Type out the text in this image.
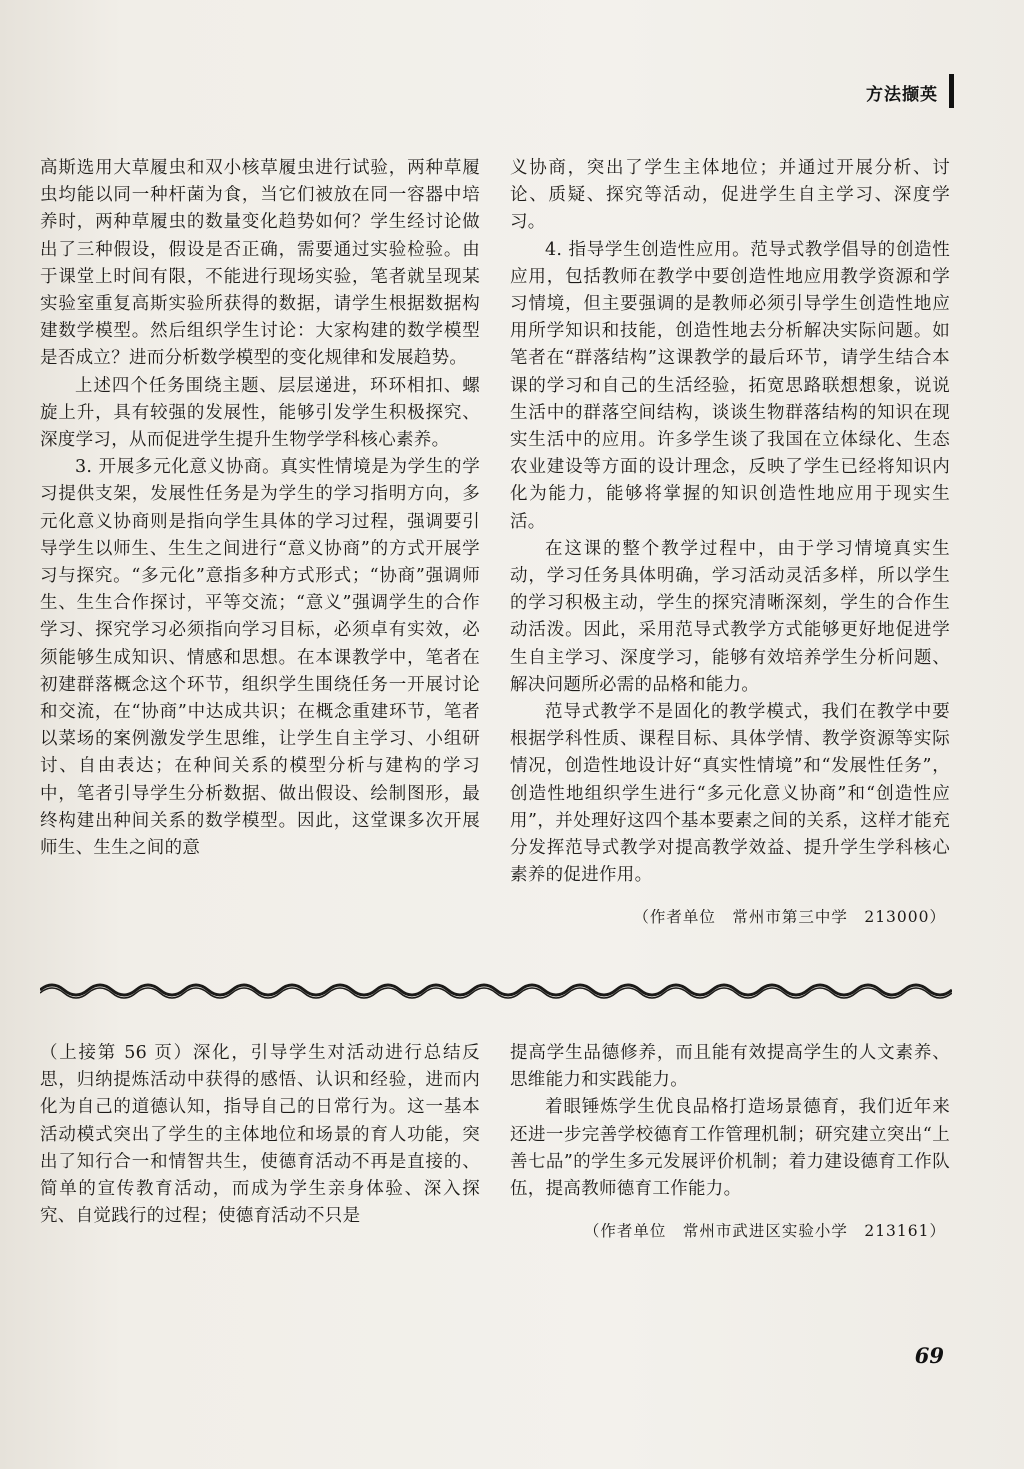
方法撷英

高斯选用大草履虫和双小核草履虫进行试验，两种草履虫均能以同一种杆菌为食，当它们被放在同一容器中培养时，两种草履虫的数量变化趋势如何？学生经讨论做出了三种假设，假设是否正确，需要通过实验检验。由于课堂上时间有限，不能进行现场实验，笔者就呈现某实验室重复高斯实验所获得的数据，请学生根据数据构建数学模型。然后组织学生讨论：大家构建的数学模型是否成立？进而分析数学模型的变化规律和发展趋势。

上述四个任务围绕主题、层层递进，环环相扣、螺旋上升，具有较强的发展性，能够引发学生积极探究、深度学习，从而促进学生提升生物学学科核心素养。

3. 开展多元化意义协商。真实性情境是为学生的学习提供支架，发展性任务是为学生的学习指明方向，多元化意义协商则是指向学生具体的学习过程，强调要引导学生以师生、生生之间进行“意义协商”的方式开展学习与探究。“多元化”意指多种方式形式；“协商”强调师生、生生合作探讨，平等交流；“意义”强调学生的合作学习、探究学习必须指向学习目标，必须卓有实效，必须能够生成知识、情感和思想。在本课教学中，笔者在初建群落概念这个环节，组织学生围绕任务一开展讨论和交流，在“协商”中达成共识；在概念重建环节，笔者以菜场的案例激发学生思维，让学生自主学习、小组研讨、自由表达；在种间关系的模型分析与建构的学习中，笔者引导学生分析数据、做出假设、绘制图形，最终构建出种间关系的数学模型。因此，这堂课多次开展师生、生生之间的意

义协商，突出了学生主体地位；并通过开展分析、讨论、质疑、探究等活动，促进学生自主学习、深度学习。

4. 指导学生创造性应用。范导式教学倡导的创造性应用，包括教师在教学中要创造性地应用教学资源和学习情境，但主要强调的是教师必须引导学生创造性地应用所学知识和技能，创造性地去分析解决实际问题。如笔者在“群落结构”这课教学的最后环节，请学生结合本课的学习和自己的生活经验，拓宽思路联想想象，说说生活中的群落空间结构，谈谈生物群落结构的知识在现实生活中的应用。许多学生谈了我国在立体绿化、生态农业建设等方面的设计理念，反映了学生已经将知识内化为能力，能够将掌握的知识创造性地应用于现实生活。

在这课的整个教学过程中，由于学习情境真实生动，学习任务具体明确，学习活动灵活多样，所以学生的学习积极主动，学生的探究清晰深刻，学生的合作生动活泼。因此，采用范导式教学方式能够更好地促进学生自主学习、深度学习，能够有效培养学生分析问题、解决问题所必需的品格和能力。

范导式教学不是固化的教学模式，我们在教学中要根据学科性质、课程目标、具体学情、教学资源等实际情况，创造性地设计好“真实性情境”和“发展性任务”，创造性地组织学生进行“多元化意义协商”和“创造性应用”，并处理好这四个基本要素之间的关系，这样才能充分发挥范导式教学对提高教学效益、提升学生学科核心素养的促进作用。

（作者单位　常州市第三中学　213000）

（上接第 56 页）深化，引导学生对活动进行总结反思，归纳提炼活动中获得的感悟、认识和经验，进而内化为自己的道德认知，指导自己的日常行为。这一基本活动模式突出了学生的主体地位和场景的育人功能，突出了知行合一和情智共生，使德育活动不再是直接的、简单的宣传教育活动，而成为学生亲身体验、深入探究、自觉践行的过程；使德育活动不只是

提高学生品德修养，而且能有效提高学生的人文素养、思维能力和实践能力。

着眼锤炼学生优良品格打造场景德育，我们近年来还进一步完善学校德育工作管理机制；研究建立突出“上善七品”的学生多元发展评价机制；着力建设德育工作队伍，提高教师德育工作能力。

（作者单位　常州市武进区实验小学　213161）
69
